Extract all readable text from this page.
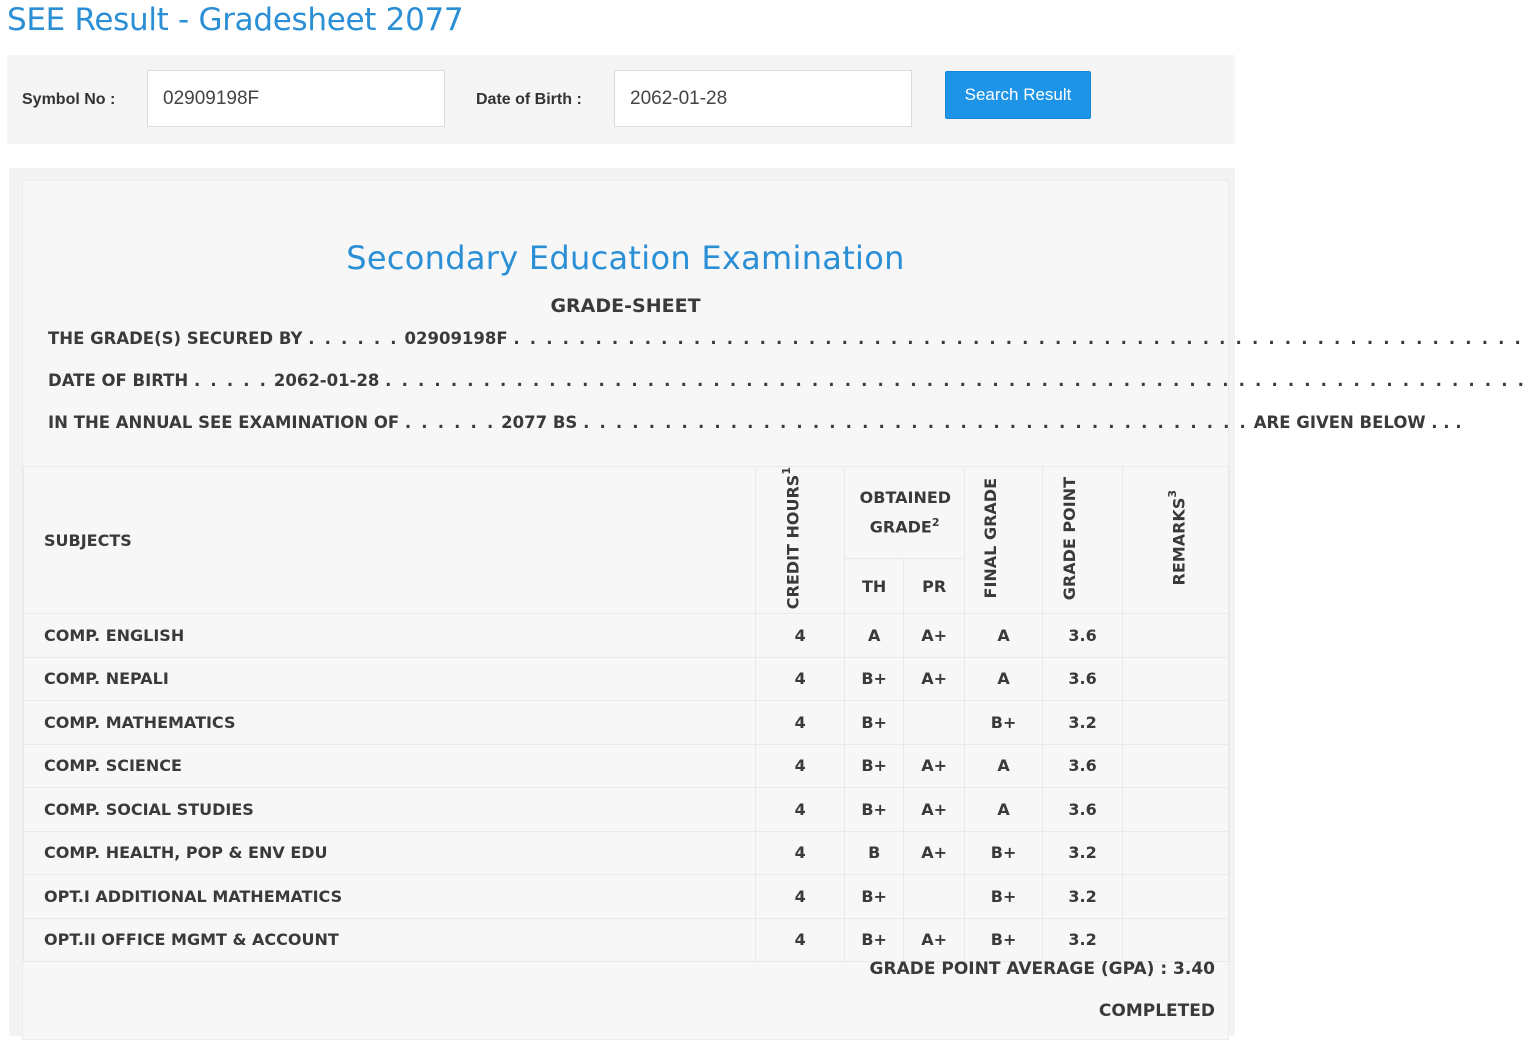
SEE Result - Gradesheet 2077
Symbol No :
02909198F	Date of Birth :
2062-01-28	Search Result
Secondary Education Examination
GRADE-SHEET
THE GRADE(S) SECURED BY . . . . . . 02909198F . . . . . . . . . . . . . . . . . . . . . . . . . . . . . . . . . . . . . . . . . . . . . . . . . . . . . . . . . . . . . .
DATE OF BIRTH . . . . . 2062-01-28 . . . . . . . . . . . . . . . . . . . . . . . . . . . . . . . . . . . . . . . . . . . . . . . . . . . . . . . . . . . . . . . . . . . . . .
IN THE ANNUAL SEE EXAMINATION OF . . . . . . 2077 BS . . . . . . . . . . . . . . . . . . . . . . . . . . . . . . . . . . . . . . . . . ARE GIVEN BELOW . . .
SUBJECTS	CREDIT HOURS$^1$	OBTAINED GRADE$^2$		FINAL GRADE	GRADE POINT	REMARKS$^3$
		TH	PR			
COMP. ENGLISH	4	A	A+	A	3.6	
COMP. NEPALI	4	B+	A+	A	3.6	
COMP. MATHEMATICS	4	B+		B+	3.2	
COMP. SCIENCE	4	B+	A+	A	3.6	
COMP. SOCIAL STUDIES	4	B+	A+	A	3.6	
COMP. HEALTH, POP & ENV EDU	4	B	A+	B+	3.2	
OPT.I ADDITIONAL MATHEMATICS	4	B+		B+	3.2	
OPT.II OFFICE MGMT & ACCOUNT	4	B+	A+	B+	3.2	
GRADE POINT AVERAGE (GPA) : 3.40
COMPLETED
